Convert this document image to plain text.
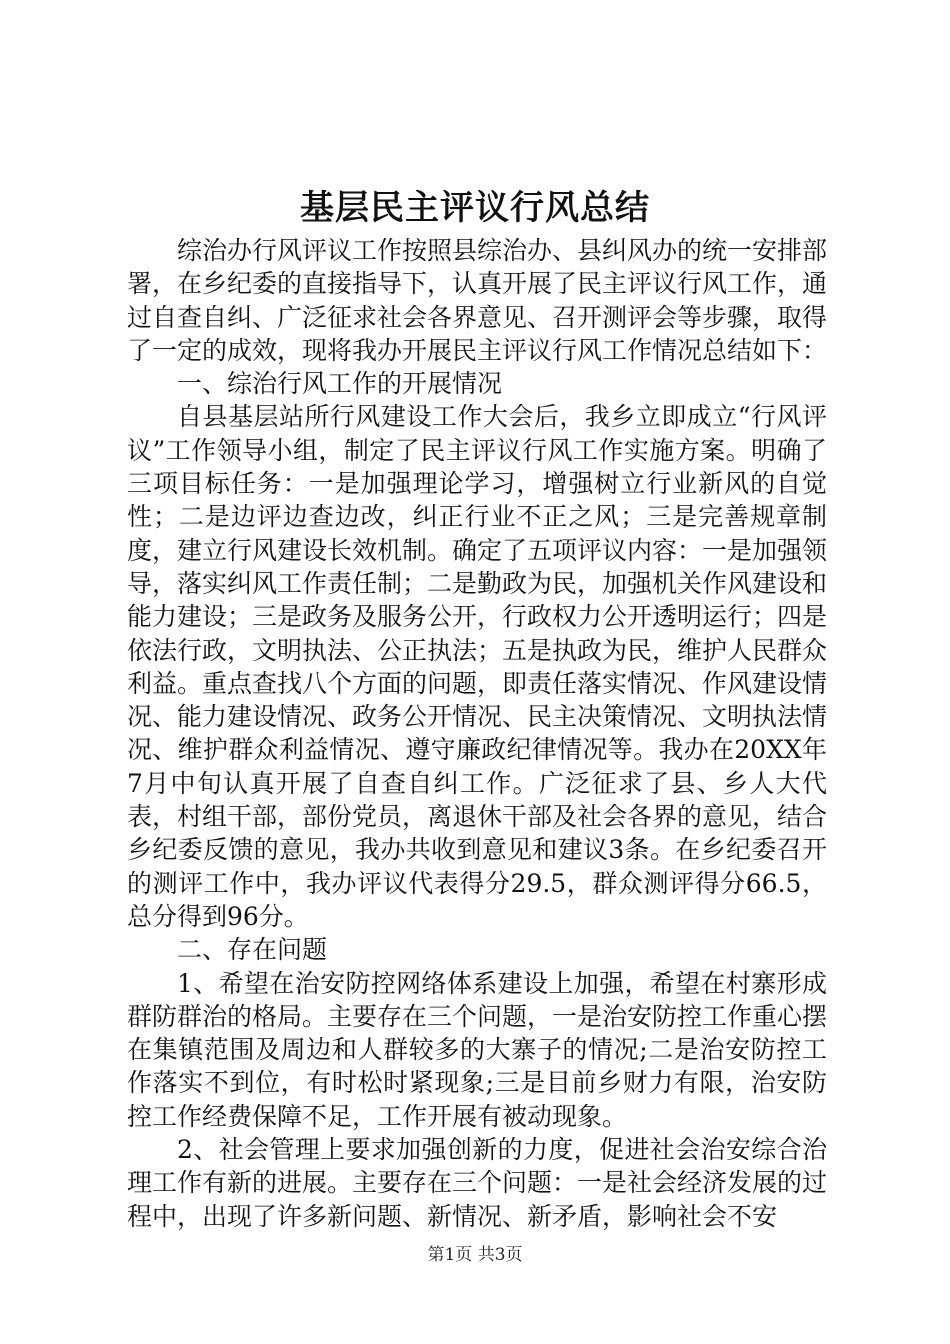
基层民主评议行风总结

综治办行风评议工作按照县综治办、县纠风办的统一安排部署，在乡纪委的直接指导下，认真开展了民主评议行风工作，通过自查自纠、广泛征求社会各界意见、召开测评会等步骤，取得了一定的成效，现将我办开展民主评议行风工作情况总结如下：

一、综治行风工作的开展情况

自县基层站所行风建设工作大会后，我乡立即成立“行风评议”工作领导小组，制定了民主评议行风工作实施方案。明确了三项目标任务：一是加强理论学习，增强树立行业新风的自觉性；二是边评边查边改，纠正行业不正之风；三是完善规章制度，建立行风建设长效机制。确定了五项评议内容：一是加强领导，落实纠风工作责任制；二是勤政为民，加强机关作风建设和能力建设；三是政务及服务公开，行政权力公开透明运行；四是依法行政，文明执法、公正执法；五是执政为民，维护人民群众利益。重点查找八个方面的问题，即责任落实情况、作风建设情况、能力建设情况、政务公开情况、民主决策情况、文明执法情况、维护群众利益情况、遵守廉政纪律情况等。我办在20XX年7月中旬认真开展了自查自纠工作。广泛征求了县、乡人大代表，村组干部，部份党员，离退休干部及社会各界的意见，结合乡纪委反馈的意见，我办共收到意见和建议3条。在乡纪委召开的测评工作中，我办评议代表得分29.5，群众测评得分66.5，总分得到96分。

二、存在问题

1、希望在治安防控网络体系建设上加强，希望在村寨形成群防群治的格局。主要存在三个问题，一是治安防控工作重心摆在集镇范围及周边和人群较多的大寨子的情况;二是治安防控工作落实不到位，有时松时紧现象;三是目前乡财力有限，治安防控工作经费保障不足，工作开展有被动现象。

2、社会管理上要求加强创新的力度，促进社会治安综合治理工作有新的进展。主要存在三个问题：一是社会经济发展的过程中，出现了许多新问题、新情况、新矛盾，影响社会不安

第1页 共3页
